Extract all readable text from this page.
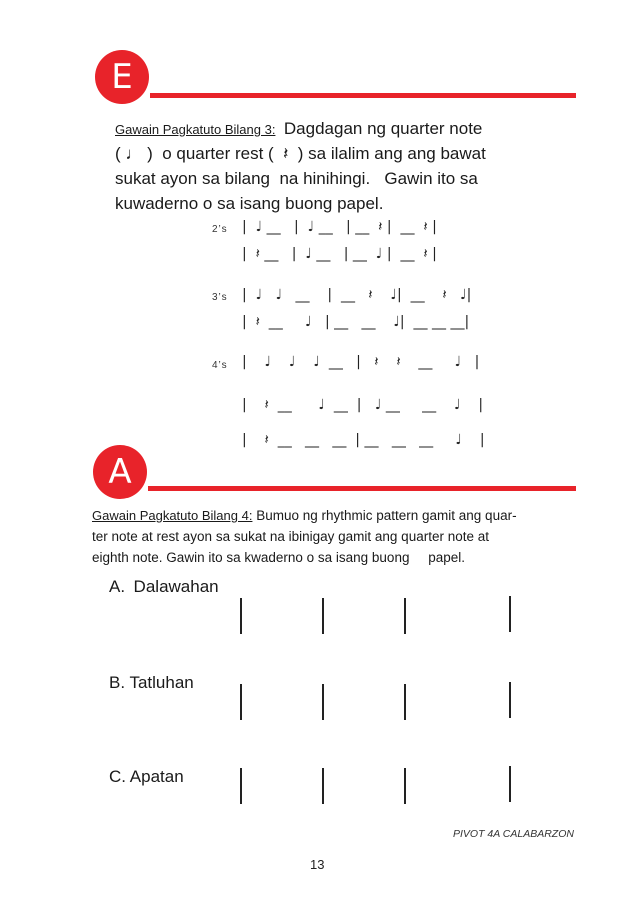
E
Gawain Pagkatuto Bilang 3: Dagdagan ng quarter note
( ♩ )  o quarter rest (  𝄽  ) sa ilalim ang ang bawat
sukat ayon sa bilang  na hinihingi.   Gawin ito sa
kuwaderno o sa isang buong papel.
2’s |  ♩ __   |  ♩ __   | __  𝄽 |  __  𝄽 |
|  𝄽 __   |  ♩ __   | __  ♩ |  __  𝄽 |
3’s |  ♩   ♩   __    |  __   𝄽    ♩|  __    𝄽   ♩|
|  𝄽  __     ♩   | __   __    ♩|  __ __ __|
4’s |    ♩    ♩    ♩  __   |   𝄽    𝄽    __     ♩   |
|    𝄽  __      ♩  __  |   ♩ __     __    ♩    |
|    𝄽  __   __   __  | __   __   __     ♩    |
A
Gawain Pagkatuto Bilang 4: Bumuo ng rhythmic pattern gamit ang quar-
ter note at rest ayon sa sukat na ibinigay gamit ang quarter note at
eighth note. Gawin ito sa kwaderno o sa isang buong     papel.
A. Dalawahan
B. Tatluhan
C. Apatan
PIVOT 4A CALABARZON
13
